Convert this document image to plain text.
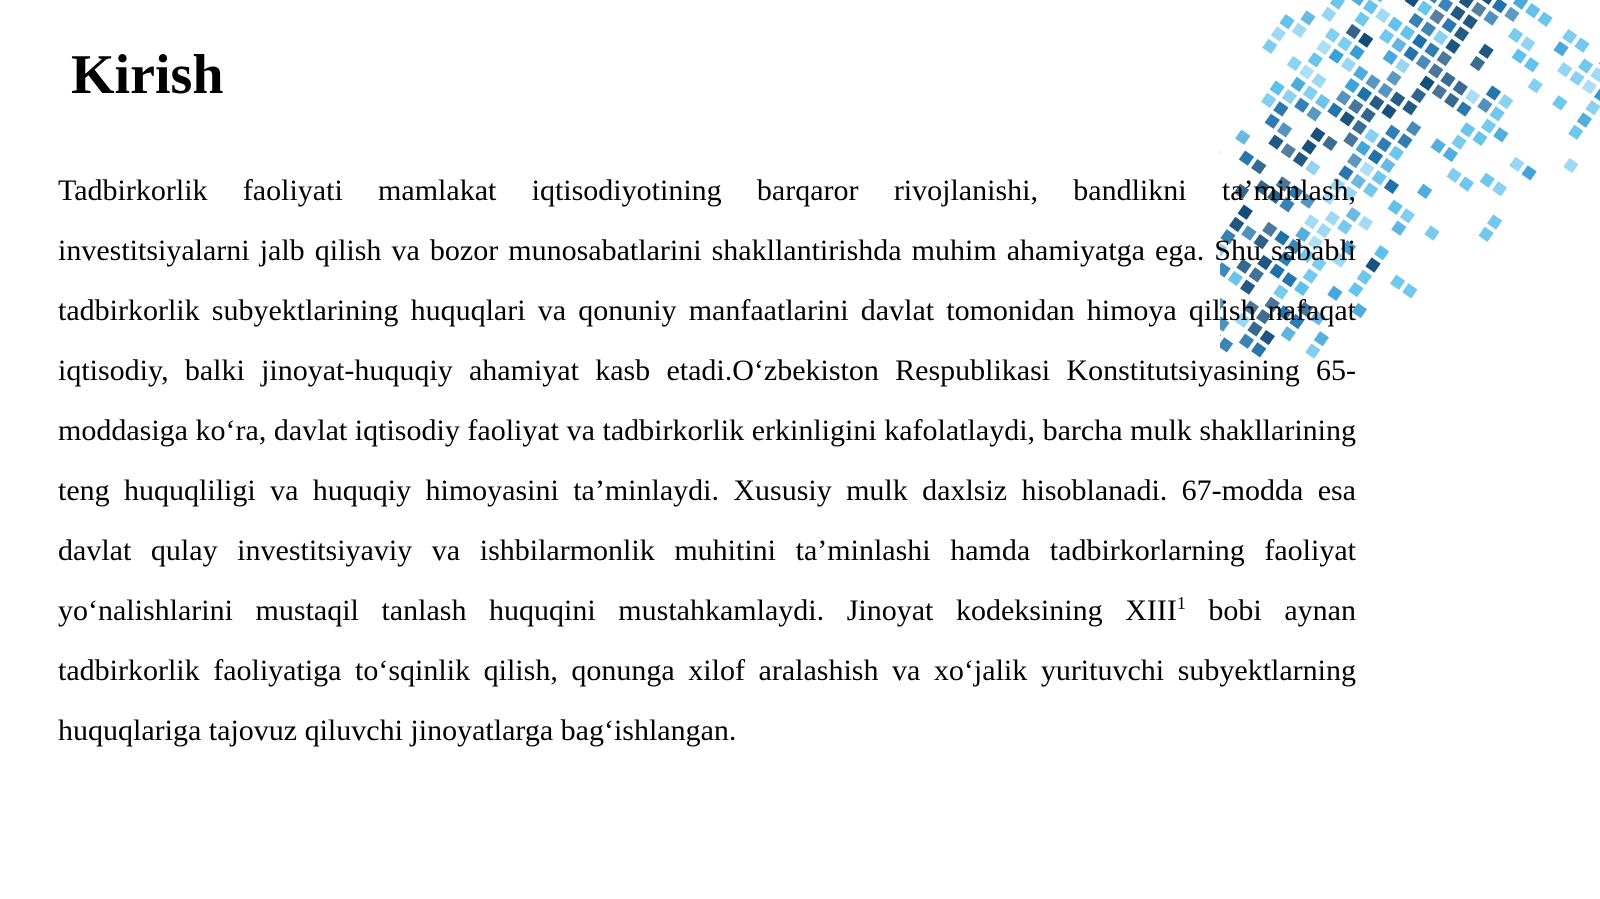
Kirish

Tadbirkorlik faoliyati mamlakat iqtisodiyotining barqaror rivojlanishi, bandlikni ta’minlash, investitsiyalarni jalb qilish va bozor munosabatlarini shakllantirishda muhim ahamiyatga ega. Shu sababli tadbirkorlik subyektlarining huquqlari va qonuniy manfaatlarini davlat tomonidan himoya qilish nafaqat iqtisodiy, balki jinoyat-huquqiy ahamiyat kasb etadi.O‘zbekiston Respublikasi Konstitutsiyasining 65-moddasiga ko‘ra, davlat iqtisodiy faoliyat va tadbirkorlik erkinligini kafolatlaydi, barcha mulk shakllarining teng huquqliligi va huquqiy himoyasini ta’minlaydi. Xususiy mulk daxlsiz hisoblanadi. 67-modda esa davlat qulay investitsiyaviy va ishbilarmonlik muhitini ta’minlashi hamda tadbirkorlarning faoliyat yo‘nalishlarini mustaqil tanlash huquqini mustahkamlaydi. Jinoyat kodeksining XIII$^1$ bobi aynan tadbirkorlik faoliyatiga to‘sqinlik qilish, qonunga xilof aralashish va xo‘jalik yurituvchi subyektlarning huquqlariga tajovuz qiluvchi jinoyatlarga bag‘ishlangan.
